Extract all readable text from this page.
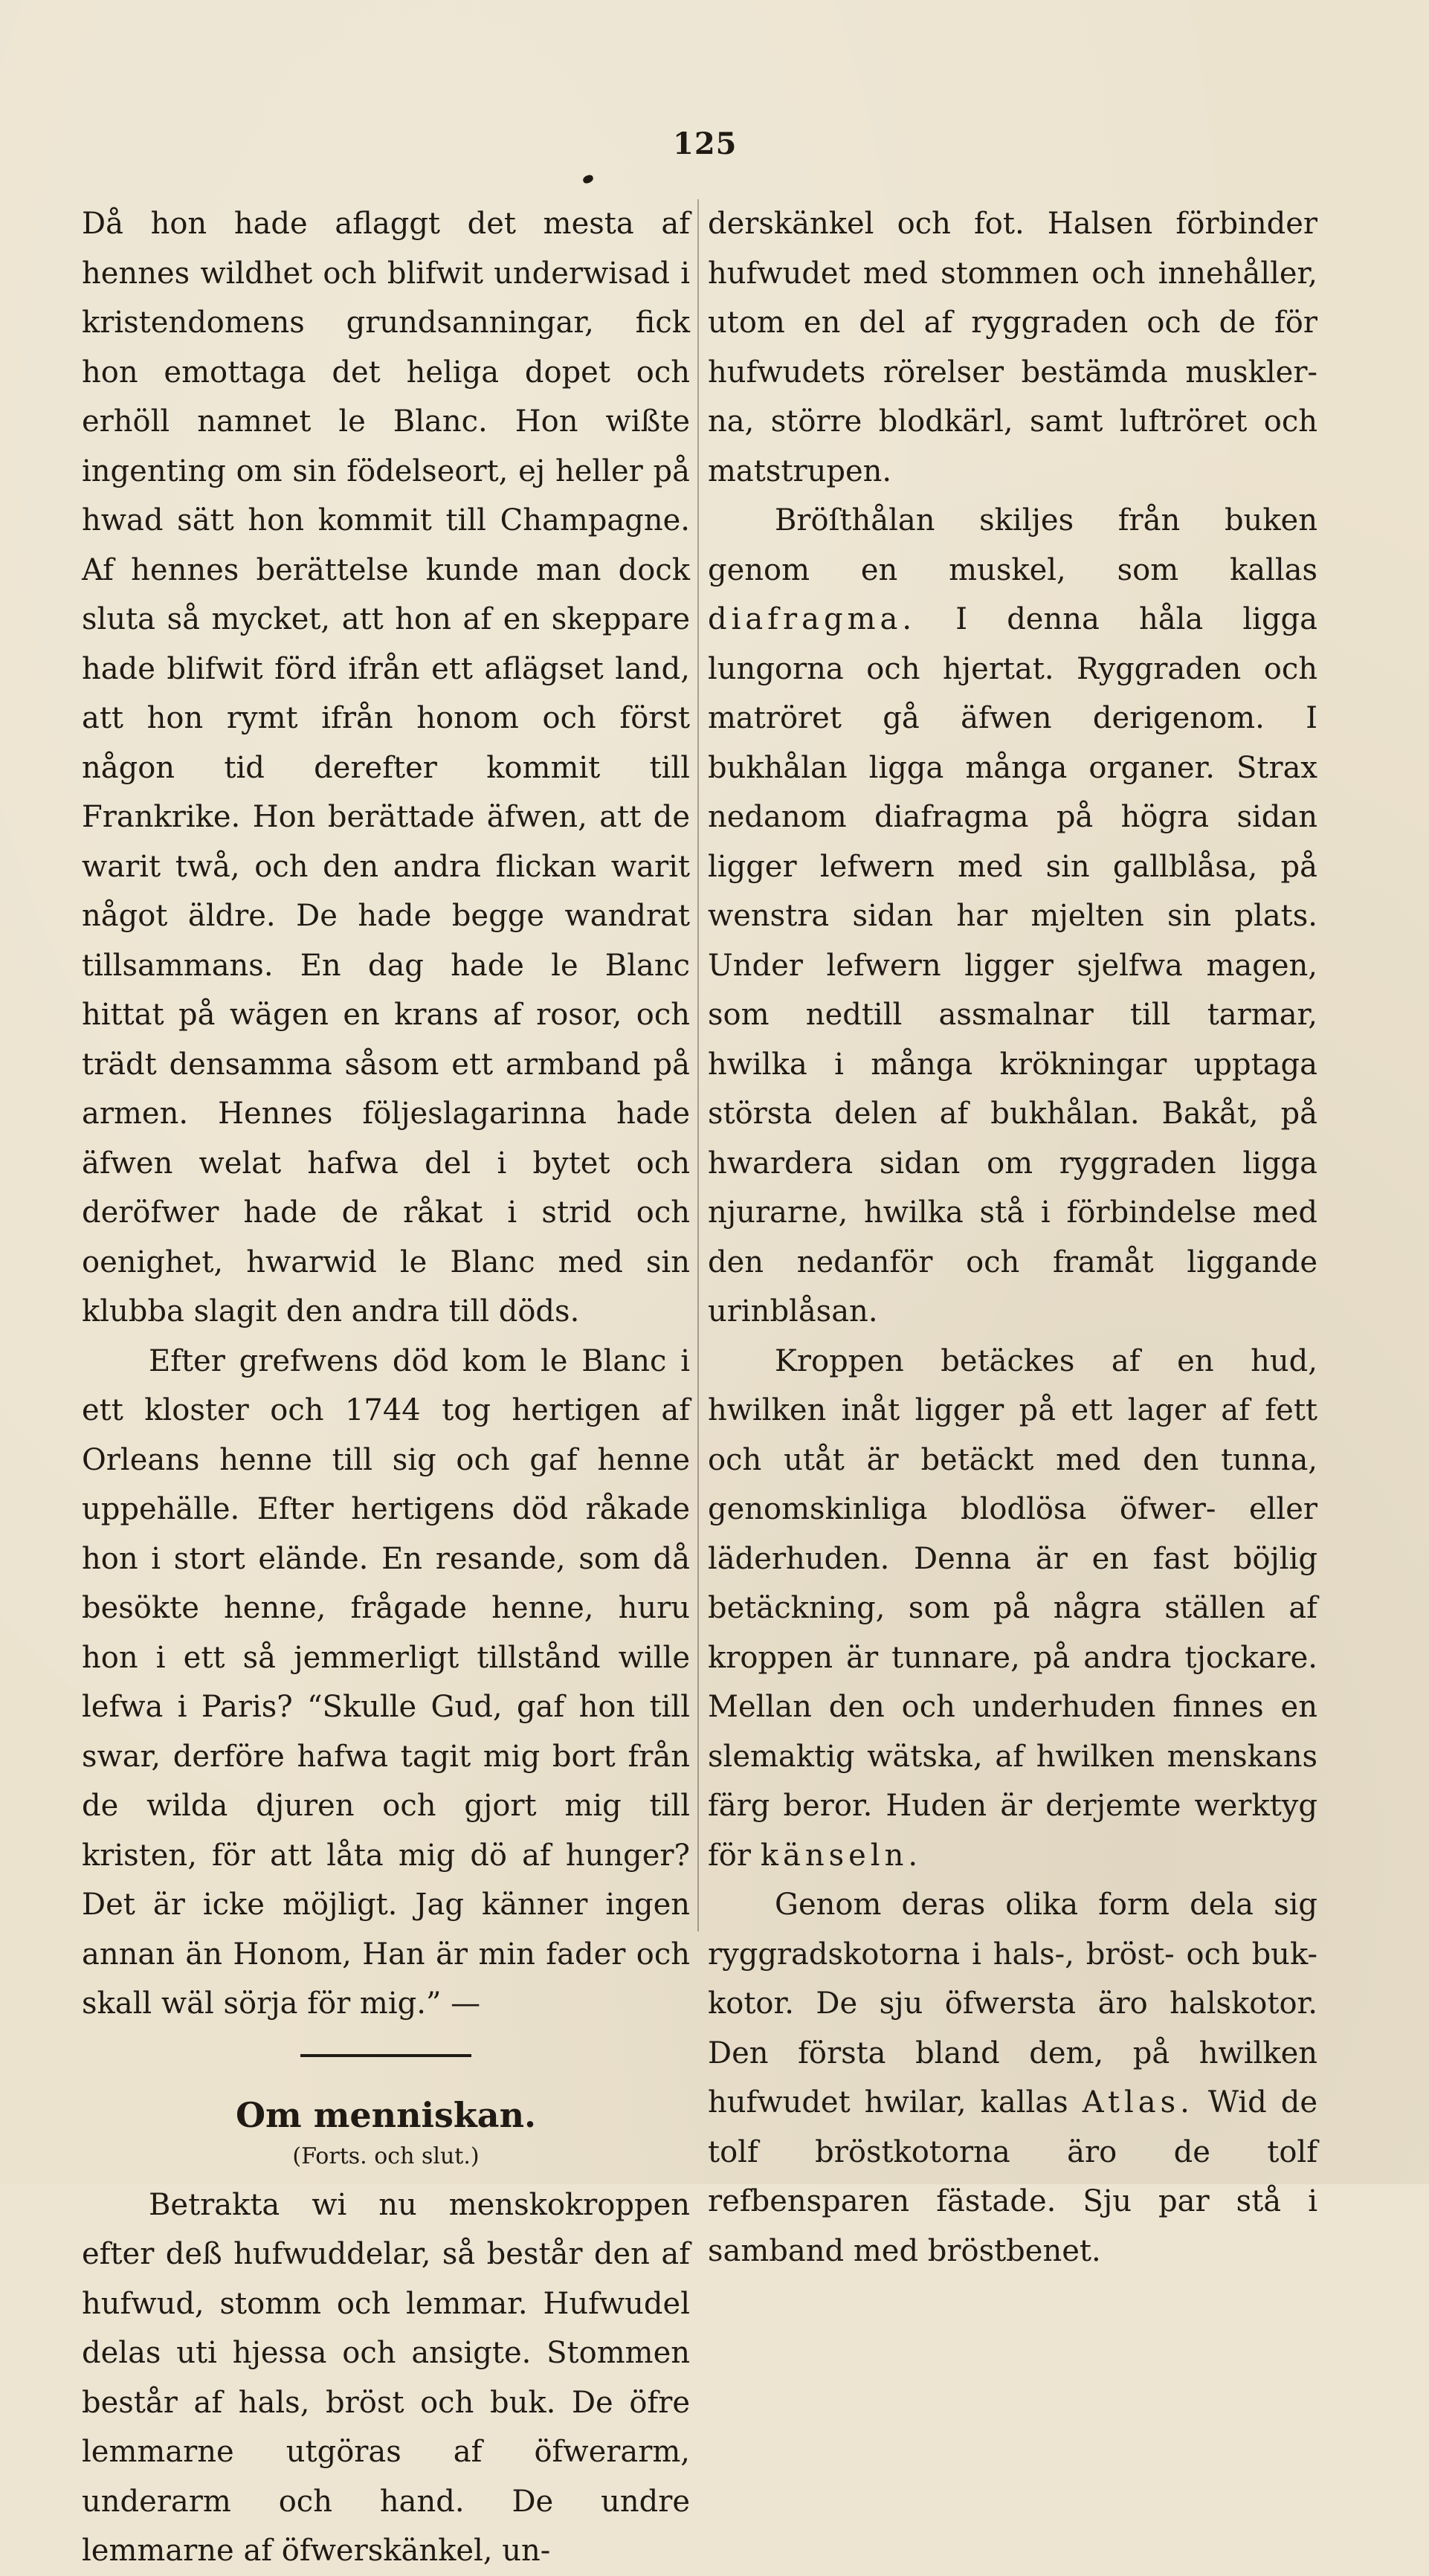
125

Då hon hade aflaggt det mesta af hennes wildhet och blifwit underwisad i kristendomens grundsanningar, fick hon emottaga det heliga dopet och erhöll namnet le Blanc. Hon wißte ingenting om sin födelseort, ej heller på hwad sätt hon kommit till Champagne. Af hennes berättelse kunde man dock sluta så mycket, att hon af en skeppare hade blifwit förd ifrån ett aflägset land, att hon rymt ifrån honom och först någon tid derefter kommit till Frankrike. Hon berättade äfwen, att de warit twå, och den andra flickan warit något äldre. De hade begge wandrat tillsammans. En dag hade le Blanc hittat på wägen en krans af rosor, och trädt densamma såsom ett armband på armen. Hennes följeslagarinna hade äfwen welat hafwa del i bytet och deröfwer hade de råkat i strid och oenighet, hwarwid le Blanc med sin klubba slagit den andra till döds.

Efter grefwens död kom le Blanc i ett kloster och 1744 tog hertigen af Orleans henne till sig och gaf henne uppehälle. Efter hertigens död råkade hon i stort elände. En resande, som då besökte henne, frågade henne, huru hon i ett så jemmerligt tillstånd wille lefwa i Paris? “Skulle Gud, gaf hon till swar, derföre hafwa tagit mig bort från de wilda djuren och gjort mig till kristen, för att låta mig dö af hunger? Det är icke möjligt. Jag känner ingen annan än Honom, Han är min fader och skall wäl sörja för mig.” —

Om menniskan.

(Forts. och slut.)

Betrakta wi nu menskokroppen efter deß hufwuddelar, så består den af hufwud, stomm och lemmar. Hufwudel delas uti hjessa och ansigte. Stommen består af hals, bröst och buk. De öfre lemmarne utgöras af öfwerarm, underarm och hand. De undre lemmarne af öfwerskänkel, un-

derskänkel och fot. Halsen förbinder hufwudet med stommen och innehåller, utom en del af ryggraden och de för hufwudets rörelser bestämda musklerna, större blodkärl, samt luftröret och matstrupen.

Bröſthålan skiljes från buken genom en muskel, som kallas diafragma. I denna håla ligga lungorna och hjertat. Ryggraden och matröret gå äfwen derigenom. I bukhålan ligga många organer. Strax nedanom diafragma på högra sidan ligger lefwern med sin gallblåsa, på wenstra sidan har mjelten sin plats. Under lefwern ligger sjelfwa magen, som nedtill assmalnar till tarmar, hwilka i många krökningar upptaga största delen af bukhålan. Bakåt, på hwardera sidan om ryggraden ligga njurarne, hwilka stå i förbindelse med den nedanför och framåt liggande urinblåsan.

Kroppen betäckes af en hud, hwilken inåt ligger på ett lager af fett och utåt är betäckt med den tunna, genomskinliga blodlösa öfwer- eller läderhuden. Denna är en fast böjlig betäckning, som på några ställen af kroppen är tunnare, på andra tjockare. Mellan den och underhuden finnes en slemaktig wätska, af hwilken menskans färg beror. Huden är derjemte werktyg för känseln.

Genom deras olika form dela sig ryggradskotorna i hals-, bröst- och buk-kotor. De sju öfwersta äro halskotor. Den första bland dem, på hwilken hufwudet hwilar, kallas Atlas. Wid de tolf bröstkotorna äro de tolf refbensparen fästade. Sju par stå i samband med bröstbenet.
